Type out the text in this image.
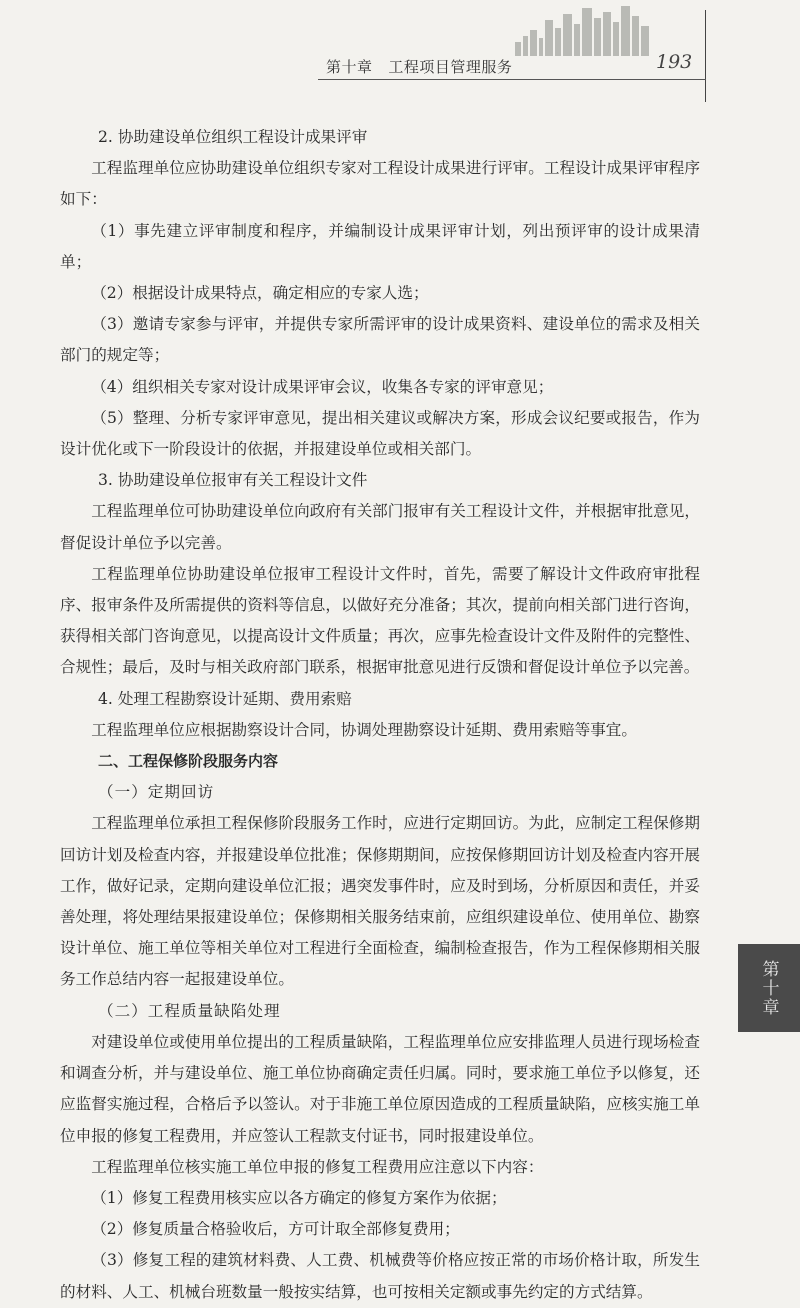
第十章 工程项目管理服务	193

2. 协助建设单位组织工程设计成果评审

工程监理单位应协助建设单位组织专家对工程设计成果进行评审。工程设计成果评审程序如下：

（1）事先建立评审制度和程序，并编制设计成果评审计划，列出预评审的设计成果清单；

（2）根据设计成果特点，确定相应的专家人选；

（3）邀请专家参与评审，并提供专家所需评审的设计成果资料、建设单位的需求及相关部门的规定等；

（4）组织相关专家对设计成果评审会议，收集各专家的评审意见；

（5）整理、分析专家评审意见，提出相关建议或解决方案，形成会议纪要或报告，作为设计优化或下一阶段设计的依据，并报建设单位或相关部门。

3. 协助建设单位报审有关工程设计文件

工程监理单位可协助建设单位向政府有关部门报审有关工程设计文件，并根据审批意见，督促设计单位予以完善。

工程监理单位协助建设单位报审工程设计文件时，首先，需要了解设计文件政府审批程序、报审条件及所需提供的资料等信息，以做好充分准备；其次，提前向相关部门进行咨询，获得相关部门咨询意见，以提高设计文件质量；再次，应事先检查设计文件及附件的完整性、合规性；最后，及时与相关政府部门联系，根据审批意见进行反馈和督促设计单位予以完善。

4. 处理工程勘察设计延期、费用索赔

工程监理单位应根据勘察设计合同，协调处理勘察设计延期、费用索赔等事宜。

二、工程保修阶段服务内容

（一）定期回访

工程监理单位承担工程保修阶段服务工作时，应进行定期回访。为此，应制定工程保修期回访计划及检查内容，并报建设单位批准；保修期期间，应按保修期回访计划及检查内容开展工作，做好记录，定期向建设单位汇报；遇突发事件时，应及时到场，分析原因和责任，并妥善处理，将处理结果报建设单位；保修期相关服务结束前，应组织建设单位、使用单位、勘察设计单位、施工单位等相关单位对工程进行全面检查，编制检查报告，作为工程保修期相关服务工作总结内容一起报建设单位。

（二）工程质量缺陷处理

对建设单位或使用单位提出的工程质量缺陷，工程监理单位应安排监理人员进行现场检查和调查分析，并与建设单位、施工单位协商确定责任归属。同时，要求施工单位予以修复，还应监督实施过程，合格后予以签认。对于非施工单位原因造成的工程质量缺陷，应核实施工单位申报的修复工程费用，并应签认工程款支付证书，同时报建设单位。

工程监理单位核实施工单位申报的修复工程费用应注意以下内容：

（1）修复工程费用核实应以各方确定的修复方案作为依据；

（2）修复质量合格验收后，方可计取全部修复费用；

（3）修复工程的建筑材料费、人工费、机械费等价格应按正常的市场价格计取，所发生的材料、人工、机械台班数量一般按实结算，也可按相关定额或事先约定的方式结算。

第十章
